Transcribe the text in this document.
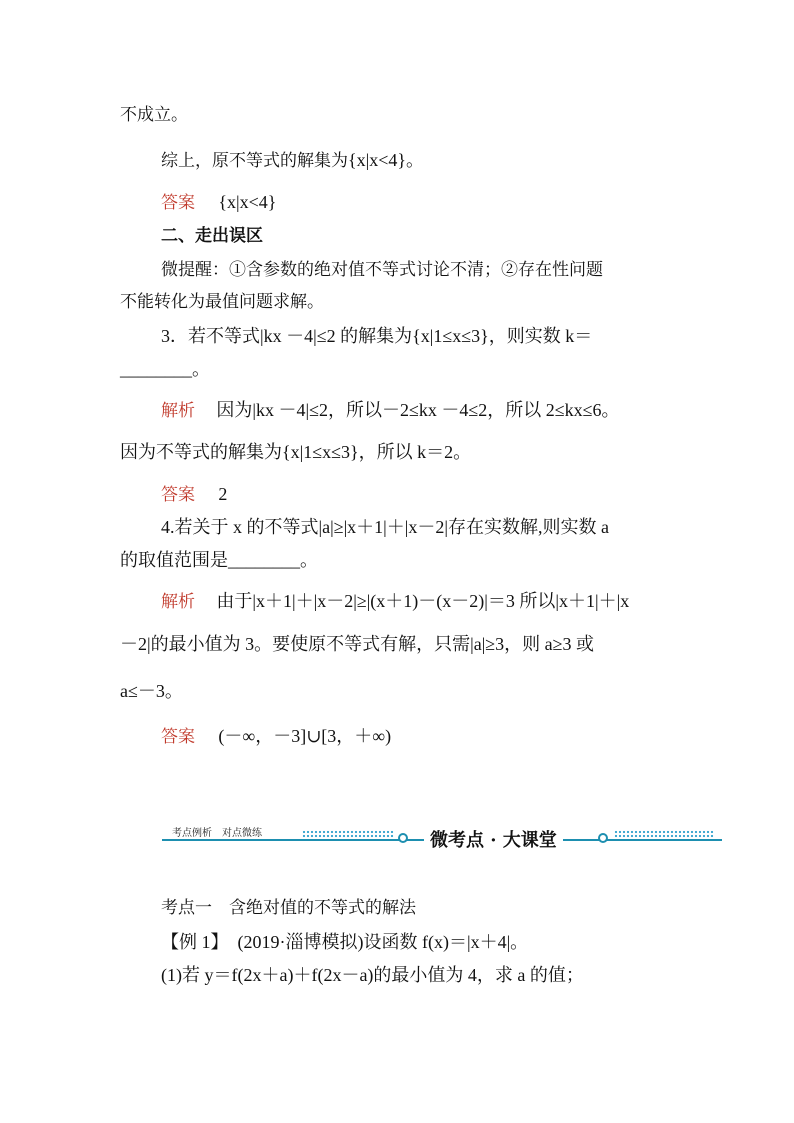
不成立。
综上，原不等式的解集为{x|x<4}。
答案 {x|x<4}
二、走出误区
微提醒：①含参数的绝对值不等式讨论不清；②存在性问题
不能转化为最值问题求解。
3．若不等式|kx －4|≤2 的解集为{x|1≤x≤3}，则实数 k＝
________。
解析 因为|kx －4|≤2，所以－2≤kx －4≤2，所以 2≤kx≤6。
因为不等式的解集为{x|1≤x≤3}，所以 k＝2。
答案 2
4.若关于 x 的不等式|a|≥|x＋1|＋|x－2|存在实数解,则实数 a
的取值范围是________。
解析 由于|x＋1|＋|x－2|≥|(x＋1)－(x－2)|＝3 所以|x＋1|＋|x
－2|的最小值为 3。要使原不等式有解，只需|a|≥3，则 a≥3 或
a≤－3。
答案 (－∞，－3]∪[3，＋∞)
考点例析　对点微练	微考点 · 大课堂
考点一　含绝对值的不等式的解法
【例 1】　(2019·淄博模拟)设函数 f(x)＝|x＋4|。
(1)若 y＝f(2x＋a)＋f(2x－a)的最小值为 4，求 a 的值；
